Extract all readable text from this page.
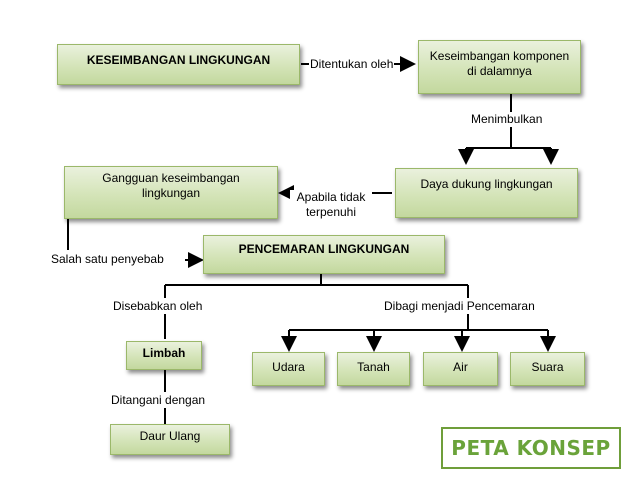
KESEIMBANGAN LINGKUNGAN	Keseimbangan komponen di dalamnya
Daya dukung lingkungan
Gangguan keseimbangan lingkungan
PENCEMARAN LINGKUNGAN
Limbah
Daur Ulang
Udara	Tanah	Air	Suara
Ditentukan oleh
Menimbulkan
Apabila tidak terpenuhi
Salah satu penyebab
Disebabkan oleh	Dibagi menjadi Pencemaran
Ditangani dengan
PETA KONSEP
